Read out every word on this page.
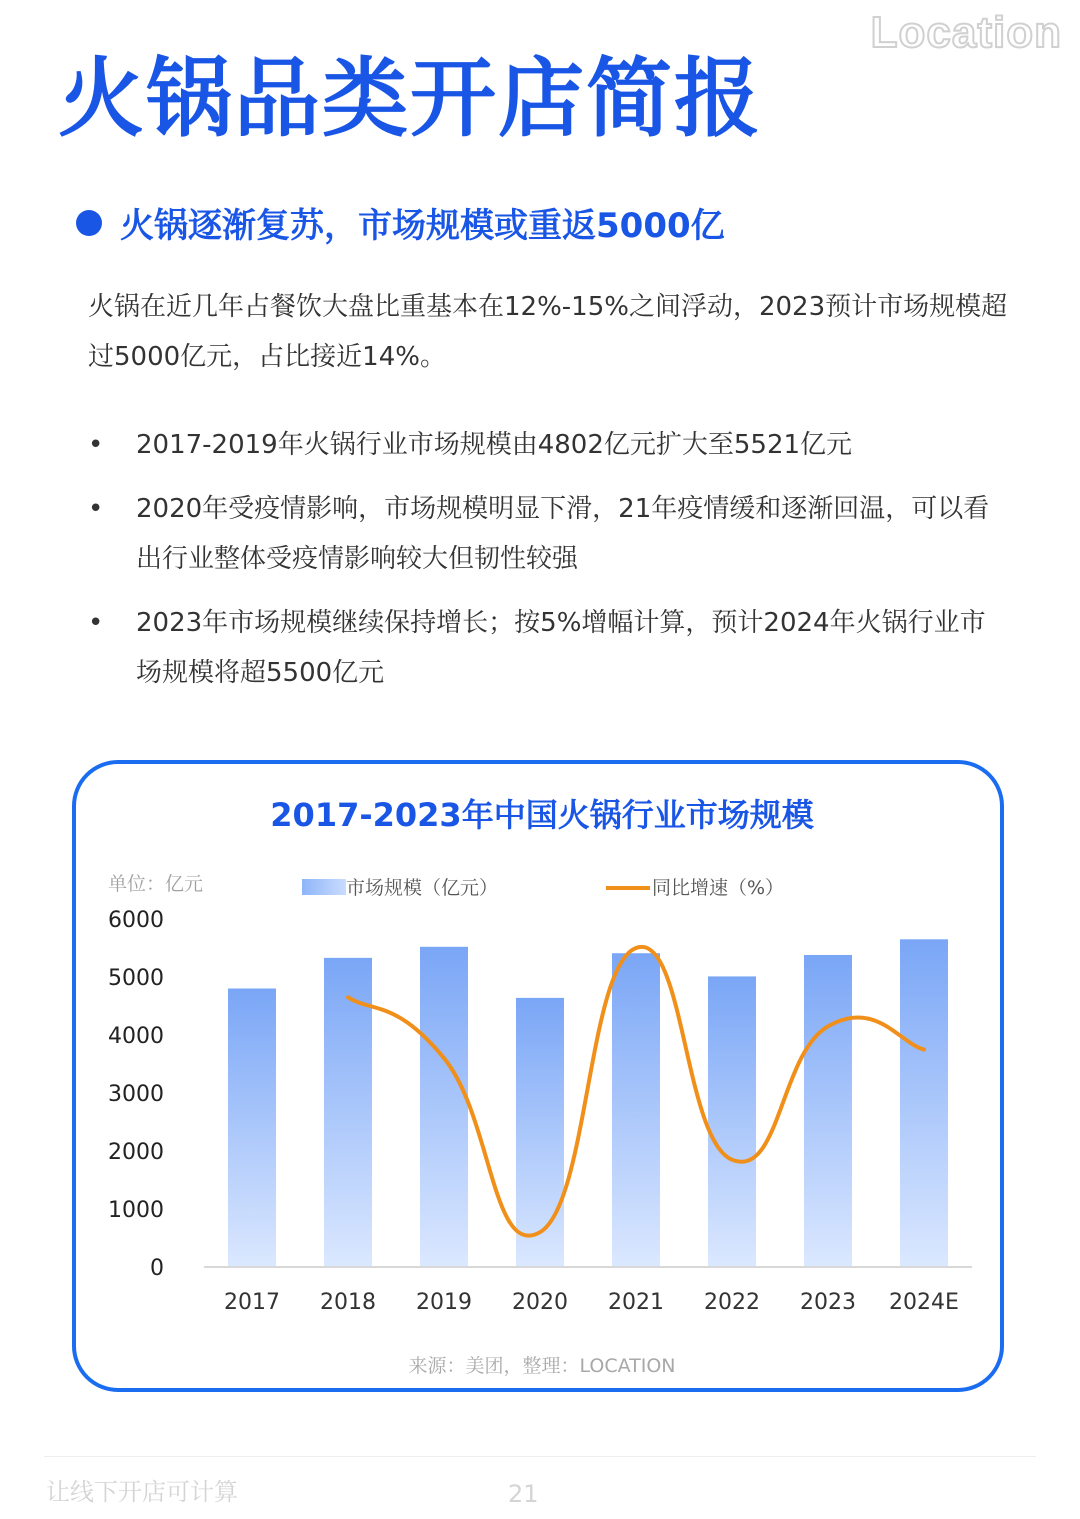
Location
火锅品类开店简报
火锅逐渐复苏，市场规模或重返5000亿

火锅在近几年占餐饮大盘比重基本在12%-15%之间浮动，2023预计市场规模超过5000亿元，占比接近14%。

• 2017-2019年火锅行业市场规模由4802亿元扩大至5521亿元
• 2020年受疫情影响，市场规模明显下滑，21年疫情缓和逐渐回温，可以看出行业整体受疫情影响较大但韧性较强
• 2023年市场规模继续保持增长；按5%增幅计算，预计2024年火锅行业市场规模将超5500亿元
2017-2023年中国火锅行业市场规模
单位：亿元	市场规模（亿元）	同比增速（%）
0
1000
2000
3000
4000
5000
6000
2017 2018 2019 2020 2021 2022 2023 2024E
来源：美团，整理：LOCATION
让线下开店可计算	21
